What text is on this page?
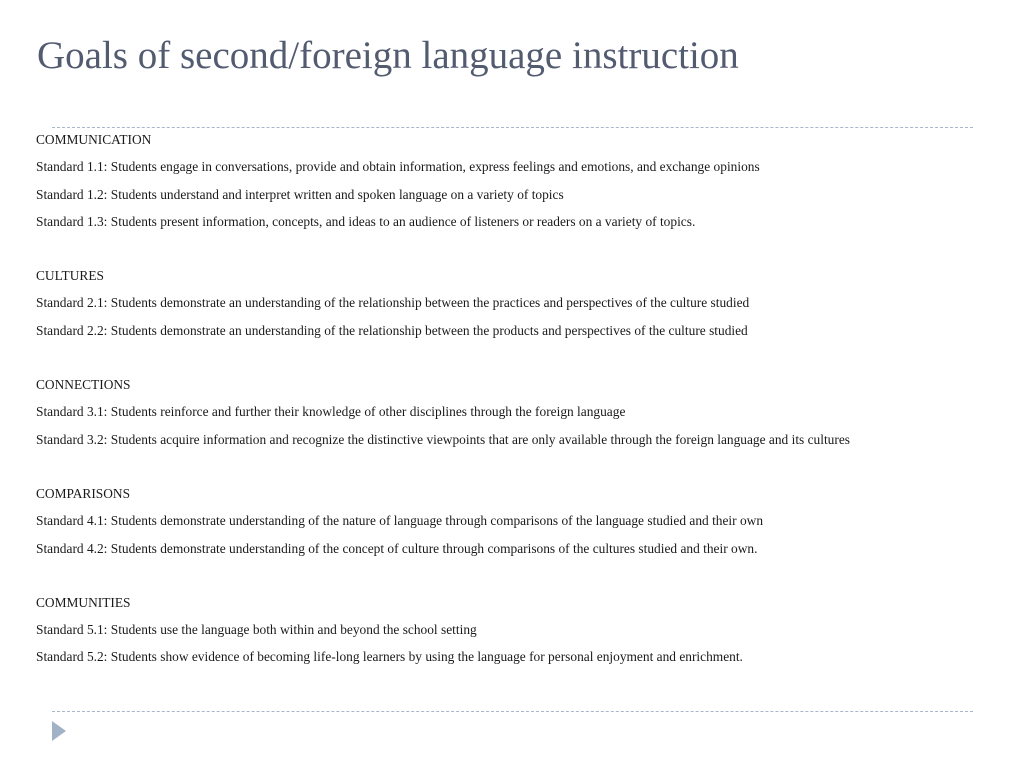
Goals of second/foreign language instruction
COMMUNICATION
Standard 1.1: Students engage in conversations, provide and obtain information, express feelings and emotions, and exchange opinions
Standard 1.2: Students understand and interpret written and spoken language on a variety of topics
Standard 1.3: Students present information, concepts, and ideas to an audience of listeners or readers on a variety of topics.
CULTURES
Standard 2.1: Students demonstrate an understanding of the relationship between the practices and perspectives of the culture studied
Standard 2.2: Students demonstrate an understanding of the relationship between the products and perspectives of the culture studied
CONNECTIONS
Standard 3.1: Students reinforce and further their knowledge of other disciplines through the foreign language
Standard 3.2: Students acquire information and recognize the distinctive viewpoints that are only available through the foreign language and its cultures
COMPARISONS
Standard 4.1: Students demonstrate understanding of the nature of language through comparisons of the language studied and their own
Standard 4.2: Students demonstrate understanding of the concept of culture through comparisons of the cultures studied and their own.
COMMUNITIES
Standard 5.1: Students use the language both within and beyond the school setting
Standard 5.2: Students show evidence of becoming life-long learners by using the language for personal enjoyment and enrichment.
